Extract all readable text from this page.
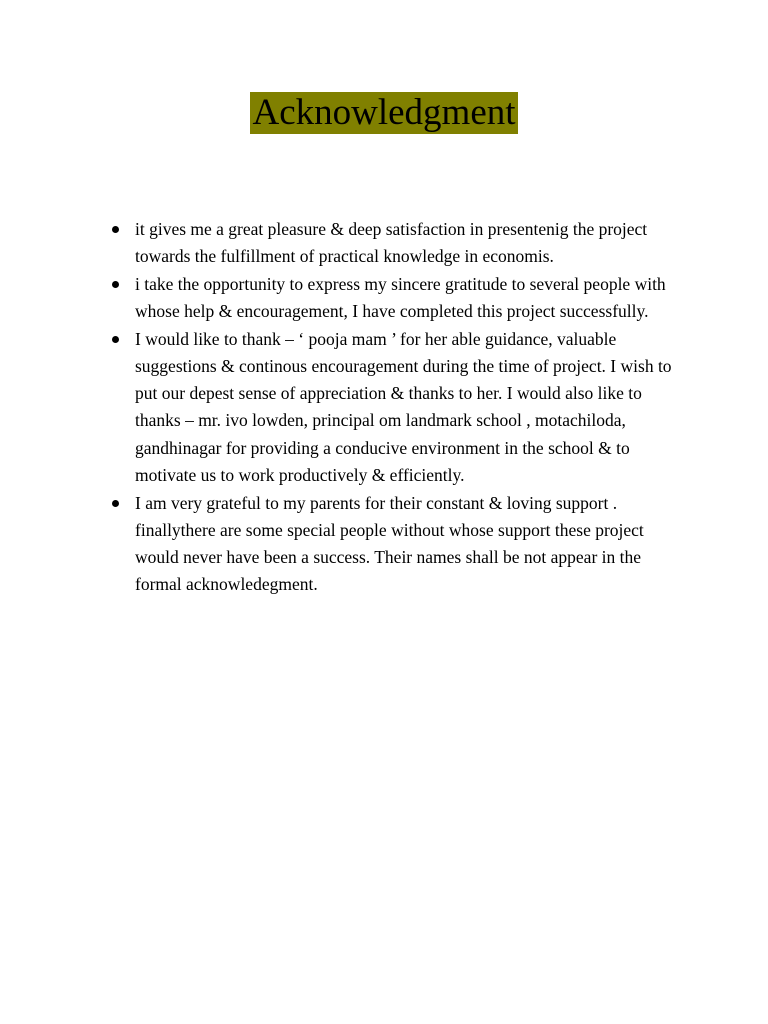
Acknowledgment
it gives me a great pleasure & deep satisfaction in presentenig the project towards the fulfillment of practical knowledge in economis.
i take the opportunity to express my sincere gratitude to several people with whose help & encouragement, I have completed this project successfully.
I would like to thank – ‘ pooja mam ’ for her able guidance, valuable suggestions & continous encouragement during the time of project. I wish to put our depest sense of appreciation & thanks to her. I would also like to thanks – mr. ivo lowden, principal om landmark school , motachiloda, gandhinagar for providing a conducive environment in the school & to motivate us to work productively & efficiently.
I am very grateful to my parents for their constant & loving support . finallythere are some special people without whose support these project would never have been a success. Their names shall be not appear in the formal acknowledegment.
